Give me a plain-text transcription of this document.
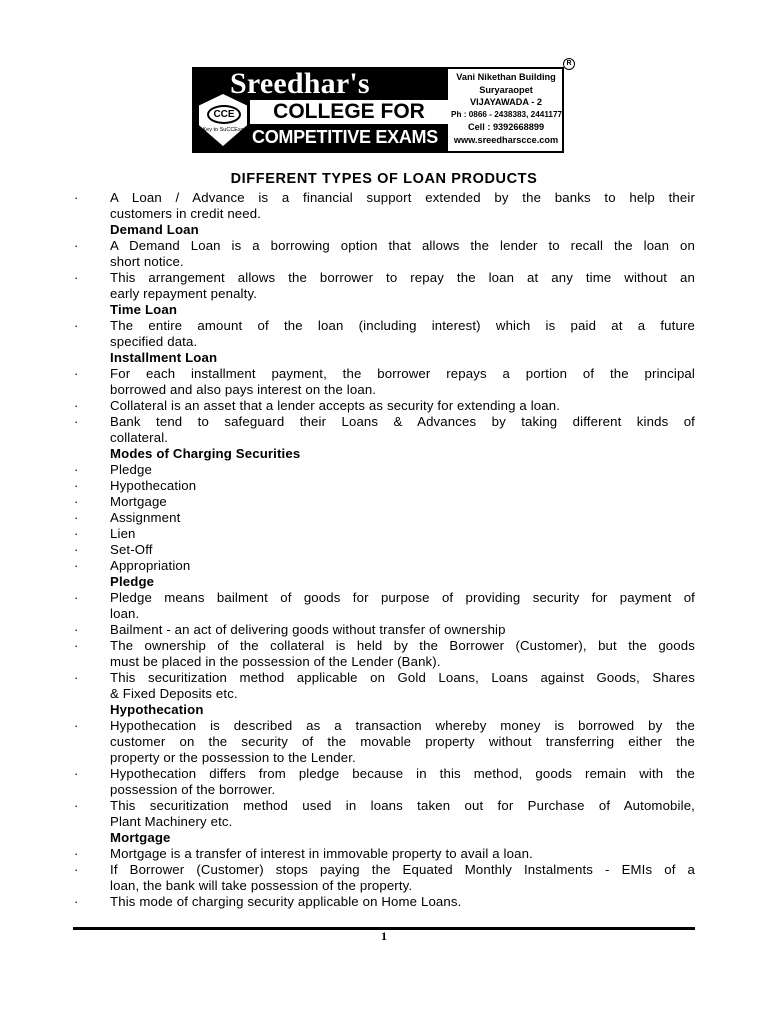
Sreedhar's
CCE
Key to SuCCEss
COLLEGE FOR
COMPETITIVE EXAMS
Vani Nikethan Building
Suryaraopet
VIJAYAWADA - 2
Ph : 0866 - 2438383, 2441177
Cell : 9392668899
www.sreedharscce.com
R
DIFFERENT TYPES OF LOAN PRODUCTS
· A Loan / Advance is a financial support extended by the banks to help their
customers in credit need.
Demand Loan
· A Demand Loan is a borrowing option that allows the lender to recall the loan on
short notice.
· This arrangement allows the borrower to repay the loan at any time without an
early repayment penalty.
Time Loan
· The entire amount of the loan (including interest) which is paid at a future
specified data.
Installment Loan
· For each installment payment, the borrower repays a portion of the principal
borrowed and also pays interest on the loan.
· Collateral is an asset that a lender accepts as security for extending a loan.
· Bank tend to safeguard their Loans & Advances by taking different kinds of
collateral.
Modes of Charging Securities
· Pledge
· Hypothecation
· Mortgage
· Assignment
· Lien
· Set-Off
· Appropriation
Pledge
· Pledge means bailment of goods for purpose of providing security for payment of
loan.
· Bailment - an act of delivering goods without transfer of ownership
· The ownership of the collateral is held by the Borrower (Customer), but the goods
must be placed in the possession of the Lender (Bank).
· This securitization method applicable on Gold Loans, Loans against Goods, Shares
& Fixed Deposits etc.
Hypothecation
· Hypothecation is described as a transaction whereby money is borrowed by the
customer on the security of the movable property without transferring either the
property or the possession to the Lender.
· Hypothecation differs from pledge because in this method, goods remain with the
possession of the borrower.
· This securitization method used in loans taken out for Purchase of Automobile,
Plant Machinery etc.
Mortgage
· Mortgage is a transfer of interest in immovable property to avail a loan.
· If Borrower (Customer) stops paying the Equated Monthly Instalments - EMIs of a
loan, the bank will take possession of the property.
· This mode of charging security applicable on Home Loans.
1
